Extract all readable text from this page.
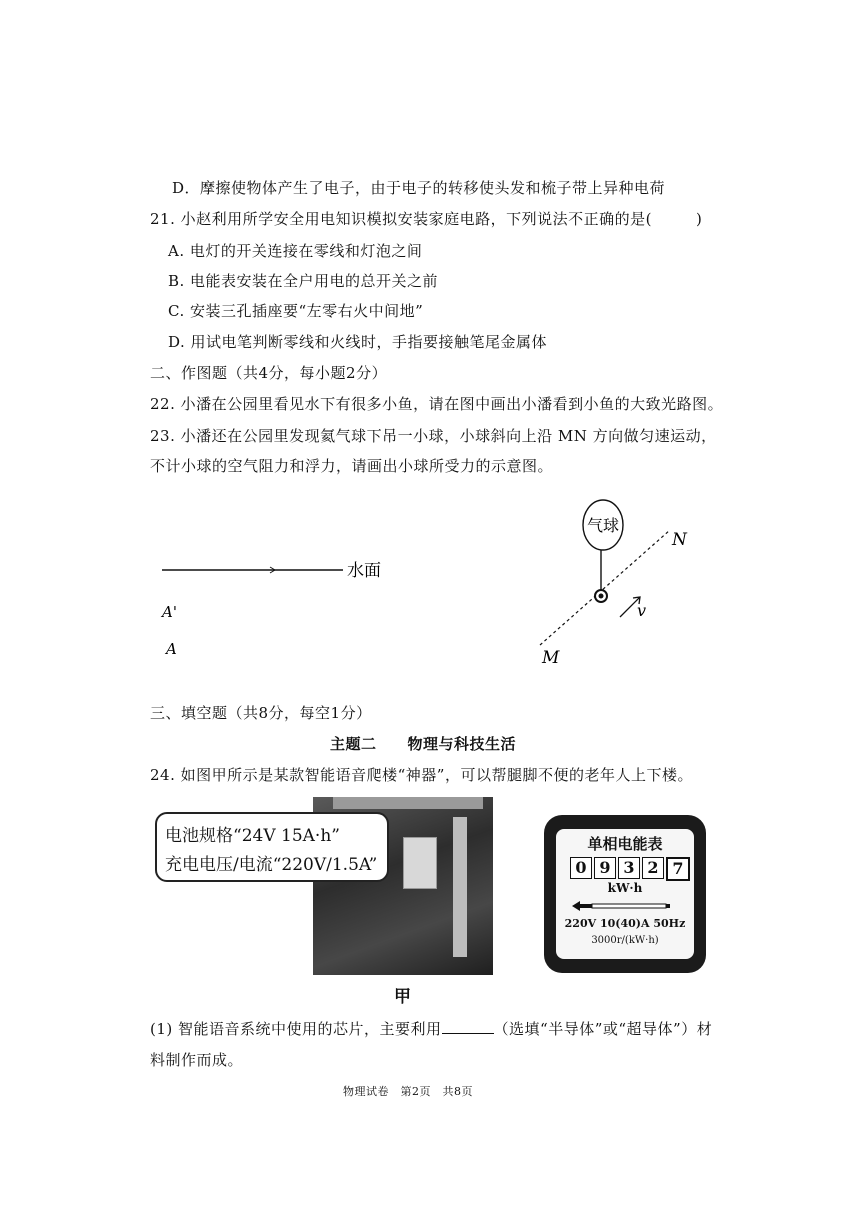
D．摩擦使物体产生了电子，由于电子的转移使头发和梳子带上异种电荷
21. 小赵利用所学安全用电知识模拟安装家庭电路，下列说法不正确的是(	)
A. 电灯的开关连接在零线和灯泡之间
B. 电能表安装在全户用电的总开关之前
C. 安装三孔插座要“左零右火中间地”
D. 用试电笔判断零线和火线时，手指要接触笔尾金属体
二、作图题（共4分，每小题2分）
22. 小潘在公园里看见水下有很多小鱼，请在图中画出小潘看到小鱼的大致光路图。
23. 小潘还在公园里发现氦气球下吊一小球，小球斜向上沿 MN 方向做匀速运动，
不计小球的空气阻力和浮力，请画出小球所受力的示意图。
水面
A'
A
气球
v
N
M
三、填空题（共8分，每空1分）
主题二　　物理与科技生活
24. 如图甲所示是某款智能语音爬楼“神器”，可以帮腿脚不便的老年人上下楼。
电池规格“24V 15A·h”
充电电压/电流“220V/1.5A”
甲
单相电能表
0 9 3 2 7
kW·h
220V 10(40)A 50Hz
3000r/(kW·h)
(1) 智能语音系统中使用的芯片，主要利用	（选填“半导体”或“超导体”）材
料制作而成。
物理试卷　第2页　共8页
